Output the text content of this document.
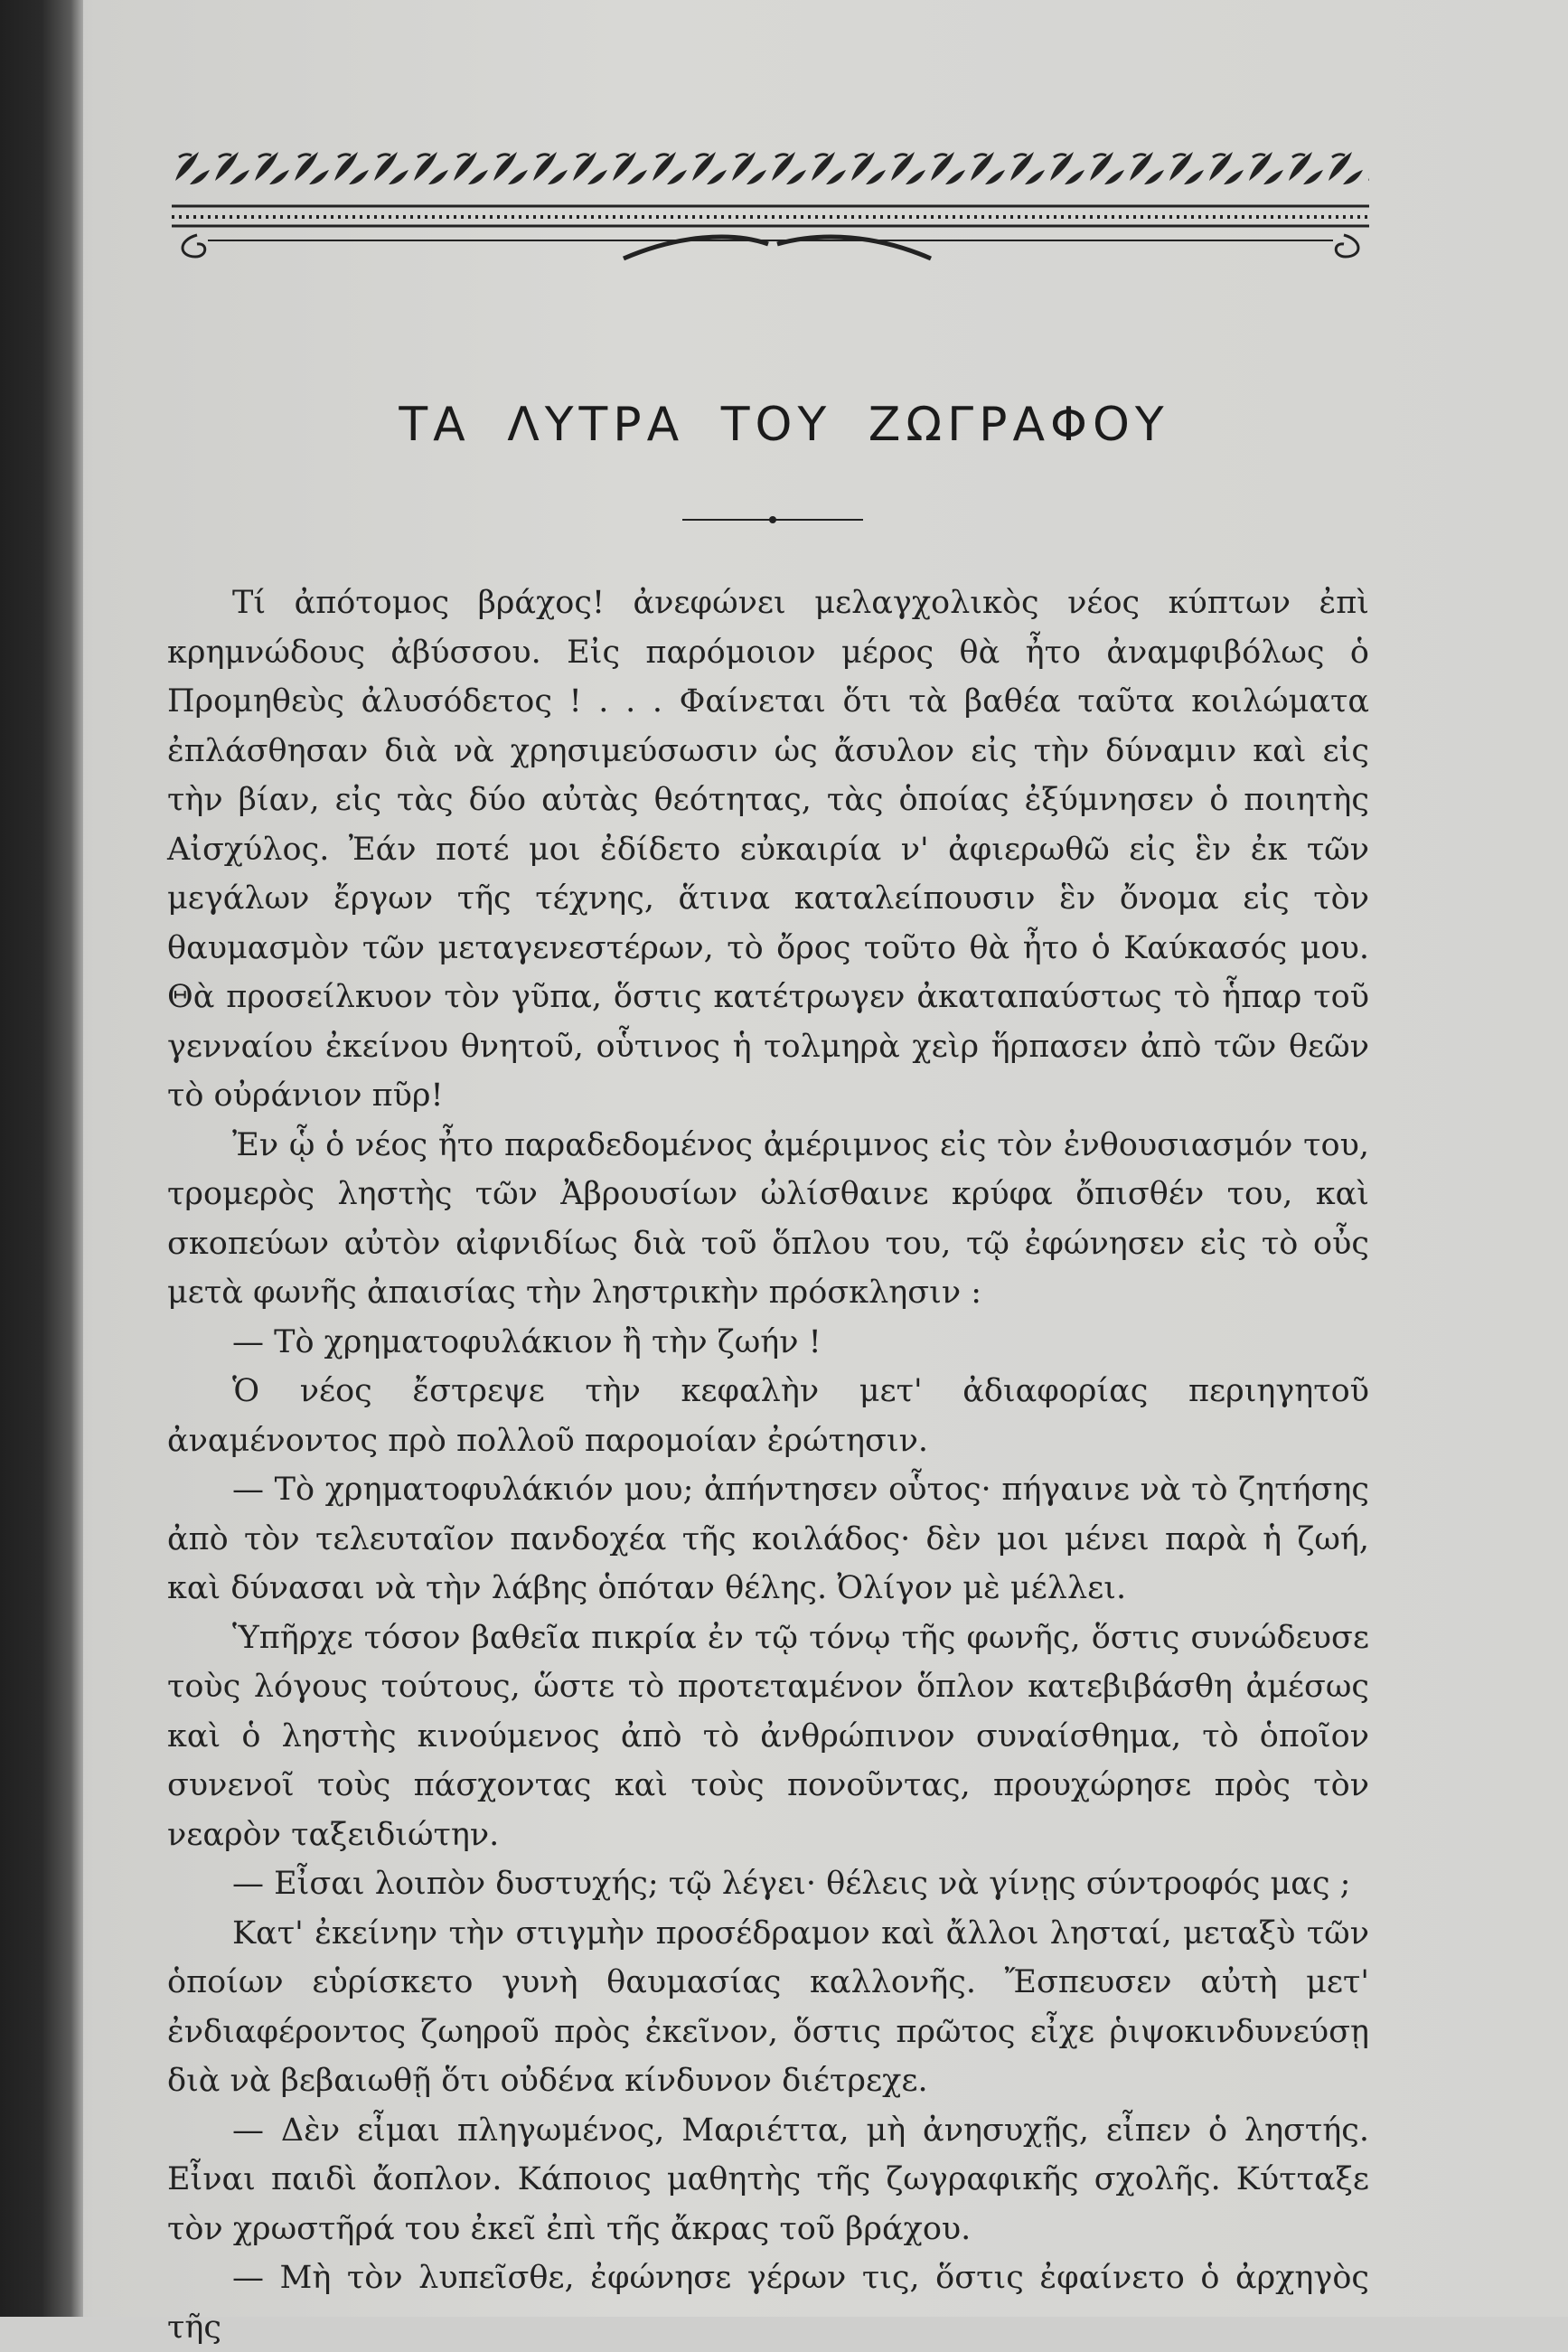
ΤΑ ΛΥΤΡΑ ΤΟΥ ΖΩΓΡΑΦΟΥ

Τί ἀπότομος βράχος! ἀνεφώνει μελαγχολικὸς νέος κύπτων ἐπὶ κρημνώδους ἀβύσσου. Εἰς παρόμοιον μέρος θὰ ἦτο ἀναμφιβόλως ὁ Προμηθεὺς ἀλυσόδετος ! . . . Φαίνεται ὅτι τὰ βαθέα ταῦτα κοιλώματα ἐπλάσθησαν διὰ νὰ χρησιμεύσωσιν ὡς ἄσυλον εἰς τὴν δύναμιν καὶ εἰς τὴν βίαν, εἰς τὰς δύο αὐτὰς θεότητας, τὰς ὁποίας ἐξύμνησεν ὁ ποιητὴς Αἰσχύλος. Ἐάν ποτέ μοι ἐδίδετο εὐκαιρία ν' ἀφιερωθῶ εἰς ἓν ἐκ τῶν μεγάλων ἔργων τῆς τέχνης, ἅτινα καταλείπουσιν ἓν ὄνομα εἰς τὸν θαυμασμὸν τῶν μεταγενεστέρων, τὸ ὄρος τοῦτο θὰ ἦτο ὁ Καύκασός μου. Θὰ προσείλκυον τὸν γῦπα, ὅστις κατέτρωγεν ἀκαταπαύστως τὸ ἧπαρ τοῦ γενναίου ἐκείνου θνητοῦ, οὗτινος ἡ τολμηρὰ χεὶρ ἥρπασεν ἀπὸ τῶν θεῶν τὸ οὐράνιον πῦρ!

Ἐν ᾧ ὁ νέος ἦτο παραδεδομένος ἀμέριμνος εἰς τὸν ἐνθουσιασμόν του, τρομερὸς ληστὴς τῶν Ἀβρουσίων ὠλίσθαινε κρύφα ὄπισθέν του, καὶ σκοπεύων αὐτὸν αἰφνιδίως διὰ τοῦ ὅπλου του, τῷ ἐφώνησεν εἰς τὸ οὖς μετὰ φωνῆς ἀπαισίας τὴν ληστρικὴν πρόσκλησιν :

— Τὸ χρηματοφυλάκιον ἢ τὴν ζωήν !

Ὁ νέος ἔστρεψε τὴν κεφαλὴν μετ' ἀδιαφορίας περιηγητοῦ ἀναμένοντος πρὸ πολλοῦ παρομοίαν ἐρώτησιν.

— Τὸ χρηματοφυλάκιόν μου; ἀπήντησεν οὗτος· πήγαινε νὰ τὸ ζητήσης ἀπὸ τὸν τελευταῖον πανδοχέα τῆς κοιλάδος· δὲν μοι μένει παρὰ ἡ ζωή, καὶ δύνασαι νὰ τὴν λάβης ὁπόταν θέλης. Ὀλίγον μὲ μέλλει.

Ὑπῆρχε τόσον βαθεῖα πικρία ἐν τῷ τόνῳ τῆς φωνῆς, ὅστις συνώδευσε τοὺς λόγους τούτους, ὥστε τὸ προτεταμένον ὅπλον κατεβιβάσθη ἀμέσως καὶ ὁ ληστὴς κινούμενος ἀπὸ τὸ ἀνθρώπινον συναίσθημα, τὸ ὁποῖον συνενοῖ τοὺς πάσχοντας καὶ τοὺς πονοῦντας, προυχώρησε πρὸς τὸν νεαρὸν ταξειδιώτην.

— Εἶσαι λοιπὸν δυστυχής; τῷ λέγει· θέλεις νὰ γίνῃς σύντροφός μας ;

Κατ' ἐκείνην τὴν στιγμὴν προσέδραμον καὶ ἄλλοι λησταί, μεταξὺ τῶν ὁποίων εὑρίσκετο γυνὴ θαυμασίας καλλονῆς. Ἔσπευσεν αὐτὴ μετ' ἐνδιαφέροντος ζωηροῦ πρὸς ἐκεῖνον, ὅστις πρῶτος εἶχε ῥιψοκινδυνεύσῃ διὰ νὰ βεβαιωθῇ ὅτι οὐδένα κίνδυνον διέτρεχε.

— Δὲν εἶμαι πληγωμένος, Μαριέττα, μὴ ἀνησυχῇς, εἶπεν ὁ ληστής. Εἶναι παιδὶ ἄοπλον. Κάποιος μαθητὴς τῆς ζωγραφικῆς σχολῆς. Κύτταξε τὸν χρωστῆρά του ἐκεῖ ἐπὶ τῆς ἄκρας τοῦ βράχου.

— Μὴ τὸν λυπεῖσθε, ἐφώνησε γέρων τις, ὅστις ἐφαίνετο ὁ ἀρχηγὸς τῆς
